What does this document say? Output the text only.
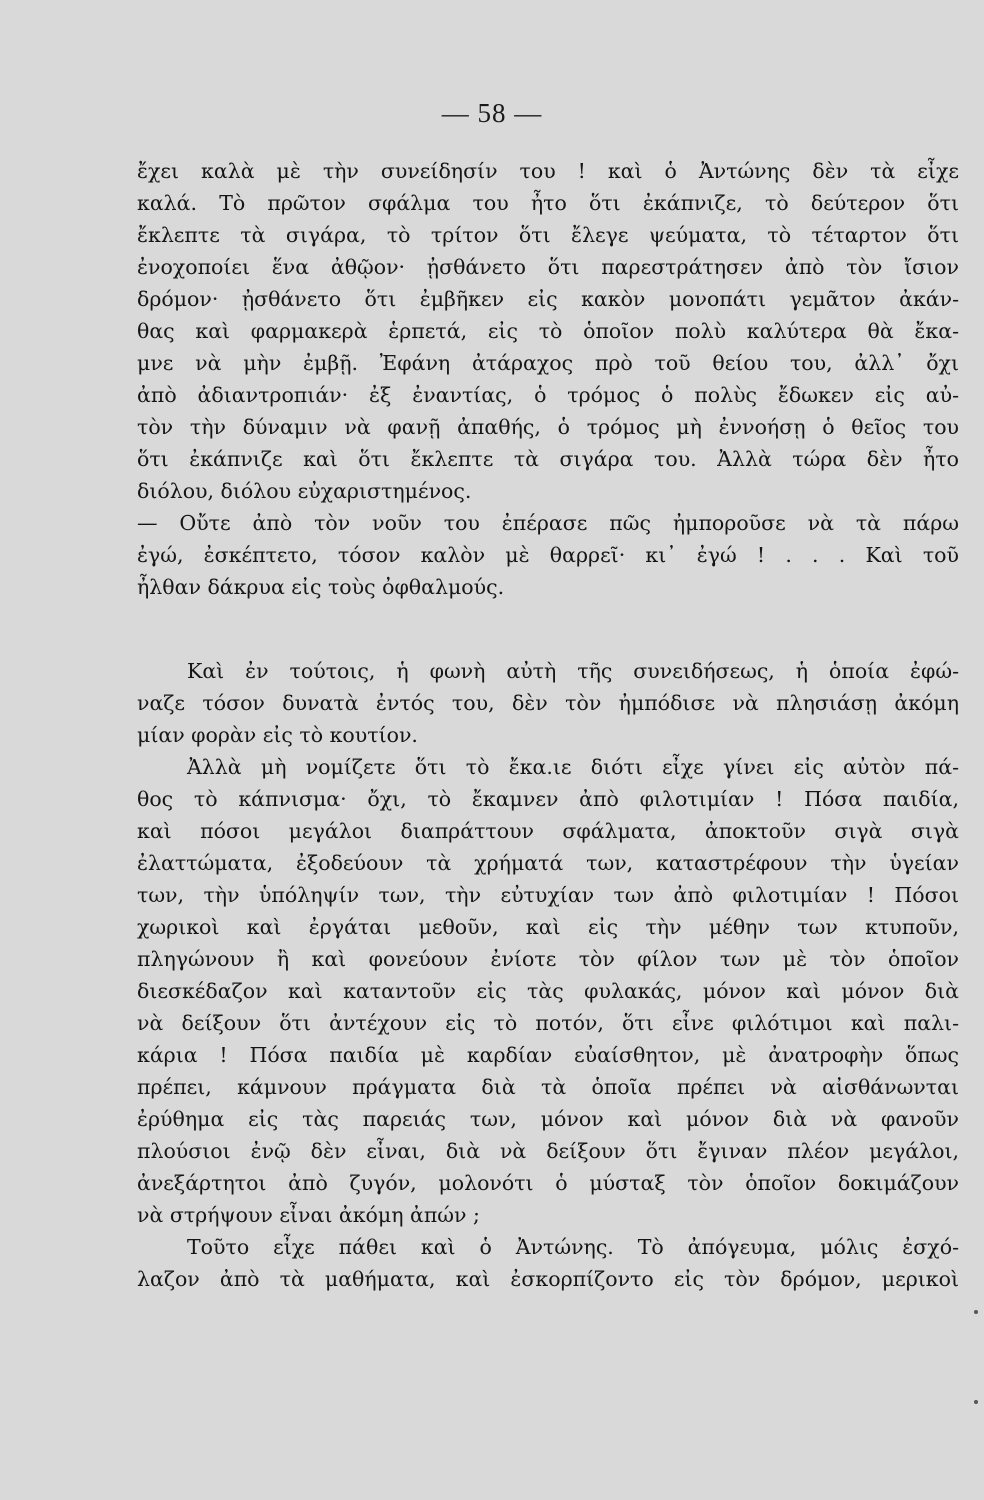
— 58 —
ἔχει καλὰ μὲ τὴν συνείδησίν του ! καὶ ὁ Ἀντώνης δὲν τὰ εἶχε
καλά. Τὸ πρῶτον σφάλμα του ἦτο ὅτι ἐκάπνιζε, τὸ δεύτερον ὅτι
ἔκλεπτε τὰ σιγάρα, τὸ τρίτον ὅτι ἔλεγε ψεύματα, τὸ τέταρτον ὅτι
ἐνοχοποίει ἕνα ἀθῷον· ᾐσθάνετο ὅτι παρεστράτησεν ἀπὸ τὸν ἴσιον
δρόμον· ᾐσθάνετο ὅτι ἐμβῆκεν εἰς κακὸν μονοπάτι γεμᾶτον ἀκάν-
θας καὶ φαρμακερὰ ἑρπετά, εἰς τὸ ὁποῖον πολὺ καλύτερα θὰ ἔκα-
μνε νὰ μὴν ἐμβῇ. Ἐφάνη ἀτάραχος πρὸ τοῦ θείου του, ἀλλ᾽ ὄχι
ἀπὸ ἀδιαντροπιάν· ἐξ ἐναντίας, ὁ τρόμος ὁ πολὺς ἔδωκεν εἰς αὐ-
τὸν τὴν δύναμιν νὰ φανῇ ἀπαθής, ὁ τρόμος μὴ ἐννοήσῃ ὁ θεῖος του
ὅτι ἐκάπνιζε καὶ ὅτι ἔκλεπτε τὰ σιγάρα του. Ἀλλὰ τώρα δὲν ἦτο
διόλου, διόλου εὐχαριστημένος.
— Οὔτε ἀπὸ τὸν νοῦν του ἐπέρασε πῶς ἠμποροῦσε νὰ τὰ πάρω
ἐγώ, ἐσκέπτετο, τόσον καλὸν μὲ θαρρεῖ· κι᾽ ἐγώ ! . . . Καὶ τοῦ
ἦλθαν δάκρυα εἰς τοὺς ὀφθαλμούς.
Καὶ ἐν τούτοις, ἡ φωνὴ αὐτὴ τῆς συνειδήσεως, ἡ ὁποία ἐφώ-
ναζε τόσον δυνατὰ ἐντός του, δὲν τὸν ἠμπόδισε νὰ πλησιάσῃ ἀκόμη
μίαν φορὰν εἰς τὸ κουτίον.
Ἀλλὰ μὴ νομίζετε ὅτι τὸ ἔκα.ιε διότι εἶχε γίνει εἰς αὐτὸν πά-
θος τὸ κάπνισμα· ὄχι, τὸ ἔκαμνεν ἀπὸ φιλοτιμίαν ! Πόσα παιδία,
καὶ πόσοι μεγάλοι διαπράττουν σφάλματα, ἀποκτοῦν σιγὰ σιγὰ
ἐλαττώματα, ἐξοδεύουν τὰ χρήματά των, καταστρέφουν τὴν ὑγείαν
των, τὴν ὑπόληψίν των, τὴν εὐτυχίαν των ἀπὸ φιλοτιμίαν ! Πόσοι
χωρικοὶ καὶ ἐργάται μεθοῦν, καὶ εἰς τὴν μέθην των κτυποῦν,
πληγώνουν ἢ καὶ φονεύουν ἐνίοτε τὸν φίλον των μὲ τὸν ὁποῖον
διεσκέδαζον καὶ καταντοῦν εἰς τὰς φυλακάς, μόνον καὶ μόνον διὰ
νὰ δείξουν ὅτι ἀντέχουν εἰς τὸ ποτόν, ὅτι εἶνε φιλότιμοι καὶ παλι-
κάρια ! Πόσα παιδία μὲ καρδίαν εὐαίσθητον, μὲ ἀνατροφὴν ὅπως
πρέπει, κάμνουν πράγματα διὰ τὰ ὁποῖα πρέπει νὰ αἰσθάνωνται
ἐρύθημα εἰς τὰς παρειάς των, μόνον καὶ μόνον διὰ νὰ φανοῦν
πλούσιοι ἐνῷ δὲν εἶναι, διὰ νὰ δείξουν ὅτι ἔγιναν πλέον μεγάλοι,
ἀνεξάρτητοι ἀπὸ ζυγόν, μολονότι ὁ μύσταξ τὸν ὁποῖον δοκιμάζουν
νὰ στρήψουν εἶναι ἀκόμη ἀπών ;
Τοῦτο εἶχε πάθει καὶ ὁ Ἀντώνης. Τὸ ἀπόγευμα, μόλις ἐσχό-
λαζον ἀπὸ τὰ μαθήματα, καὶ ἐσκορπίζοντο εἰς τὸν δρόμον, μερικοὶ
